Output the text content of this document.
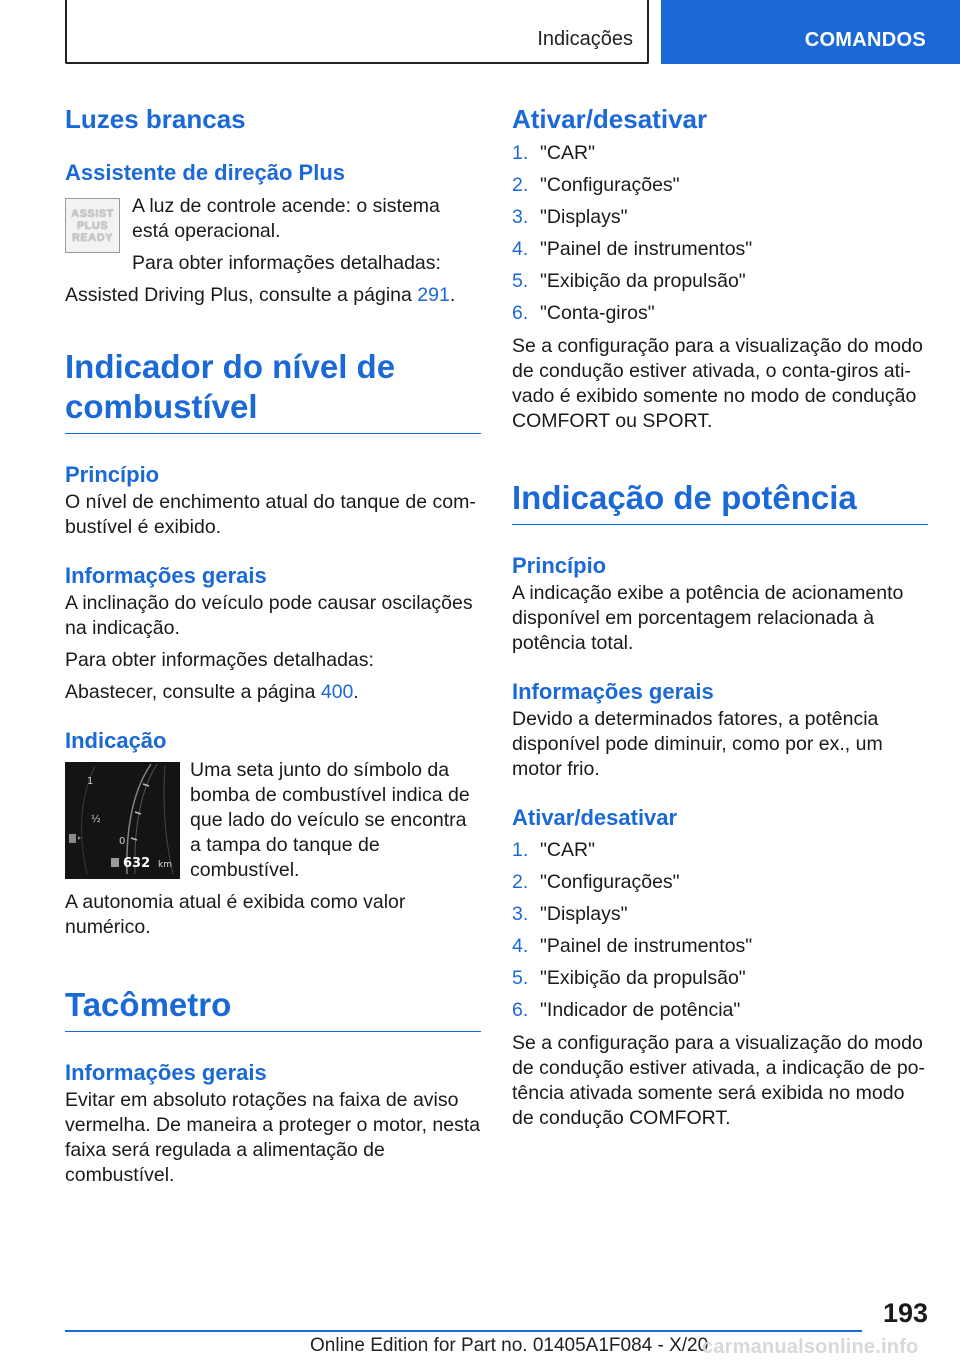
Indicações	COMANDOS
Luzes brancas
Assistente de direção Plus
ASSIST
PLUS
READY

A luz de controle acende: o sistema está operacional.

Para obter informações detalhadas:

Assisted Driving Plus, consulte a página 291.

Indicador do nível de combustível
Princípio

O nível de enchimento atual do tanque de combustível é exibido.

Informações gerais

A inclinação do veículo pode causar oscilações na indicação.

Para obter informações detalhadas:

Abastecer, consulte a página 400.

Indicação
1
½
0
632 km

Uma seta junto do símbolo da bomba de combustível indica de que lado do veículo se encontra a tampa do tanque de combustível.

A autonomia atual é exibida como valor numérico.

Tacômetro
Informações gerais

Evitar em absoluto rotações na faixa de aviso vermelha. De maneira a proteger o motor, nesta faixa será regulada a alimentação de combustível.

Ativar/desativar
1. "CAR"
2. "Configurações"
3. "Displays"
4. "Painel de instrumentos"
5. "Exibição da propulsão"
6. "Conta-giros"

Se a configuração para a visualização do modo de condução estiver ativada, o conta-giros ativado é exibido somente no modo de condução COMFORT ou SPORT.

Indicação de potência
Princípio

A indicação exibe a potência de acionamento disponível em porcentagem relacionada à potência total.

Informações gerais

Devido a determinados fatores, a potência disponível pode diminuir, como por ex., um motor frio.

Ativar/desativar
1. "CAR"
2. "Configurações"
3. "Displays"
4. "Painel de instrumentos"
5. "Exibição da propulsão"
6. "Indicador de potência"

Se a configuração para a visualização do modo de condução estiver ativada, a indicação de potência ativada somente será exibida no modo de condução COMFORT.

193
Online Edition for Part no. 01405A1F084 - X/20
carmanualsonline.info
